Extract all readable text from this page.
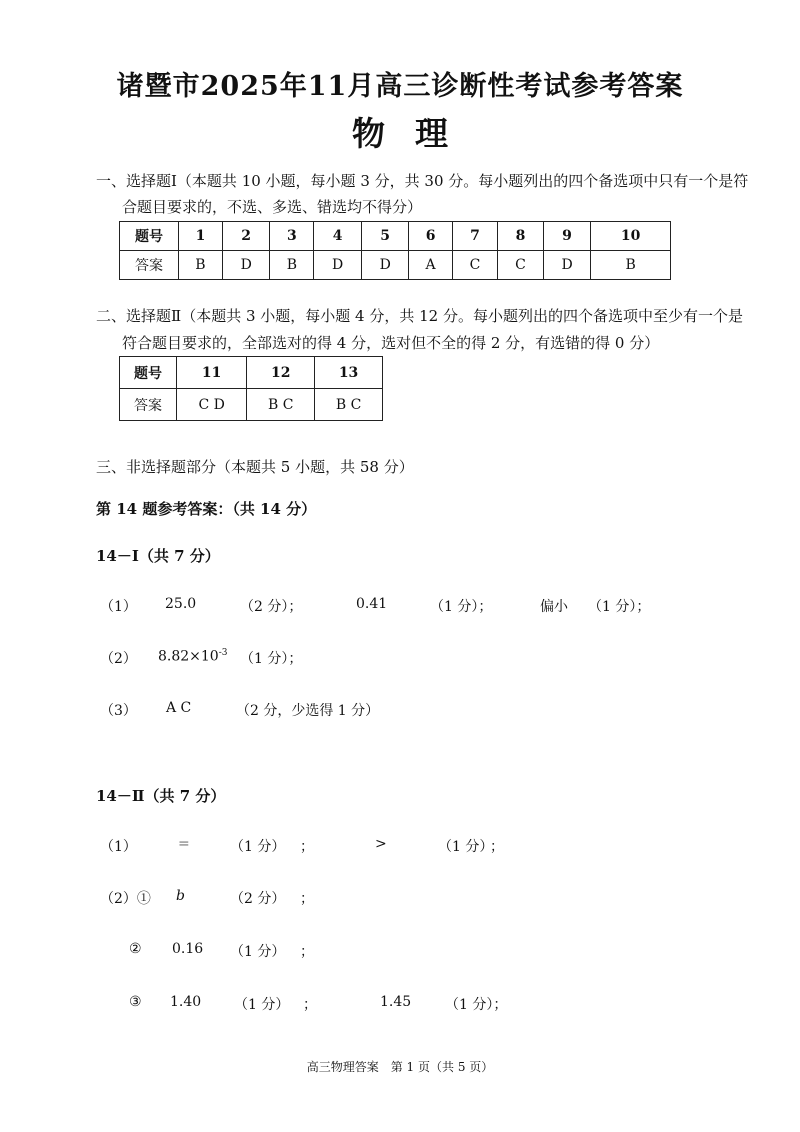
诸暨市2025年11月高三诊断性考试参考答案
物理
一、选择题Ⅰ（本题共 10 小题，每小题 3 分，共 30 分。每小题列出的四个备选项中只有一个是符
合题目要求的，不选、多选、错选均不得分）
题号	1	2	3	4	5	6	7	8	9	10
答案	B	D	B	D	D	A	C	C	D	B
二、选择题Ⅱ（本题共 3 小题，每小题 4 分，共 12 分。每小题列出的四个备选项中至少有一个是
符合题目要求的，全部选对的得 4 分，选对但不全的得 2 分，有选错的得 0 分）
题号	11	12	13
答案	C D	B C	B C
三、非选择题部分（本题共 5 小题，共 58 分）
第 14 题参考答案：（共 14 分）
14－Ⅰ（共 7 分）
（1） 25.0	（2 分）；	0.41	（1 分）；	偏小 （1 分）；
（2） $8.82\times 10^{-3}$ （1 分）；
（3） A C	（2 分，少选得 1 分）
14－Ⅱ（共 7 分）
（1）	=	（1 分） ；	>	（1 分）
；
（2）① b	（2 分） ；
② 0.16 （1 分） ；
③ 1.40 （1 分） ；	1.45 （1 分）；
高三物理答案　第 1 页（共 5 页）
